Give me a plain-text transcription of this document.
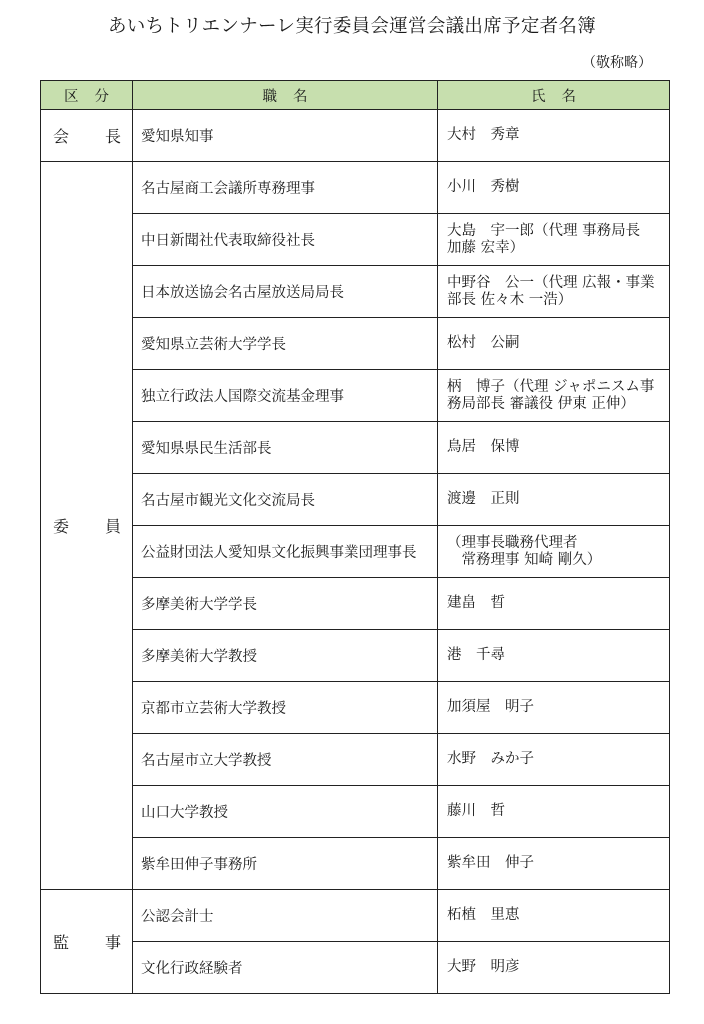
あいちトリエンナーレ実行委員会運営会議出席予定者名簿
（敬称略）
区 分	職 名	氏 名

会 長	愛知県知事	大村　秀章

委 員	名古屋商工会議所専務理事	小川　秀樹

	中日新聞社代表取締役社長	大島　宇一郎（代理 事務局長
加藤 宏幸）

	日本放送協会名古屋放送局局長	中野谷　公一（代理 広報・事業
部長 佐々木 一浩）

	愛知県立芸術大学学長	松村　公嗣

	独立行政法人国際交流基金理事	柄　博子（代理 ジャポニスム事
務局部長 審議役 伊東 正伸）

	愛知県県民生活部長	鳥居　保博

	名古屋市観光文化交流局長	渡邊　正則

	公益財団法人愛知県文化振興事業団理事長	（理事長職務代理者
　常務理事 知崎 剛久）

	多摩美術大学学長	建畠　晢

	多摩美術大学教授	港　千尋

	京都市立芸術大学教授	加須屋　明子

	名古屋市立大学教授	水野　みか子

	山口大学教授	藤川　哲

	紫牟田伸子事務所	紫牟田　伸子

監 事	公認会計士	柘植　里恵

	文化行政経験者	大野　明彦
